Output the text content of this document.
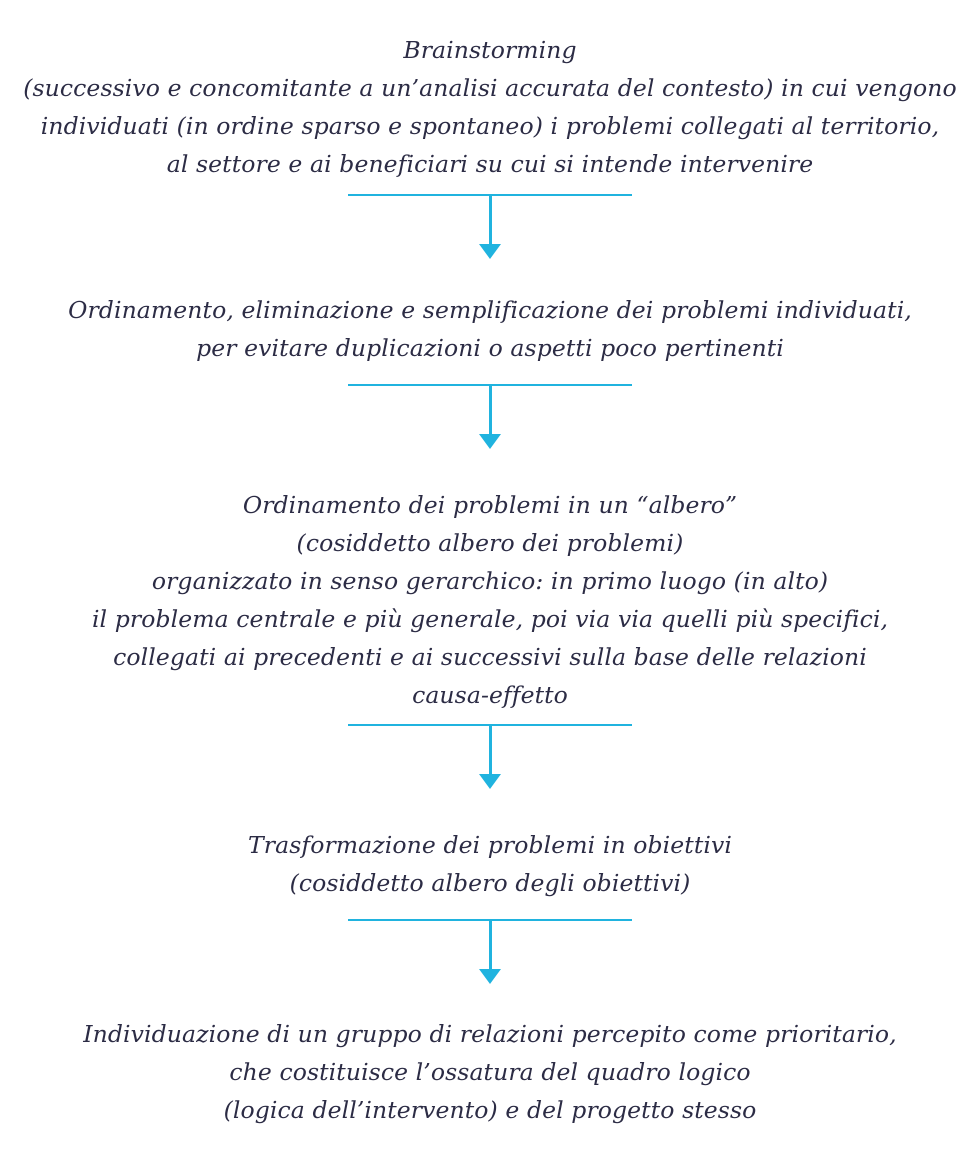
Brainstorming
(successivo e concomitante a un’analisi accurata del contesto) in cui vengono
individuati (in ordine sparso e spontaneo) i problemi collegati al territorio,
al settore e ai beneficiari su cui si intende intervenire
Ordinamento, eliminazione e semplificazione dei problemi individuati,
per evitare duplicazioni o aspetti poco pertinenti
Ordinamento dei problemi in un “albero”
(cosiddetto albero dei problemi)
organizzato in senso gerarchico: in primo luogo (in alto)
il problema centrale e più generale, poi via via quelli più specifici,
collegati ai precedenti e ai successivi sulla base delle relazioni
causa-effetto
Trasformazione dei problemi in obiettivi
(cosiddetto albero degli obiettivi)
Individuazione di un gruppo di relazioni percepito come prioritario,
che costituisce l’ossatura del quadro logico
(logica dell’intervento) e del progetto stesso
